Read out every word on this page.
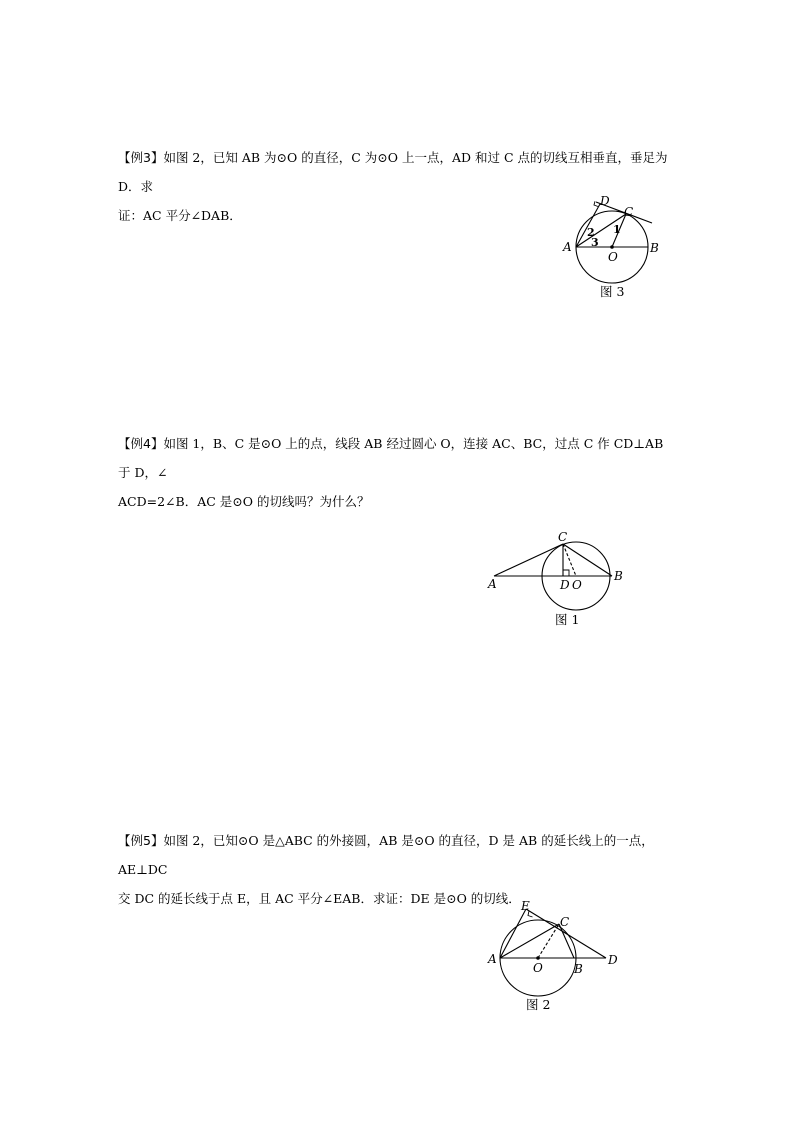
【例3】如图 2，已知 AB 为⊙O 的直径，C 为⊙O 上一点，AD 和过 C 点的切线互相垂直，垂足为 D．求

证：AC 平分∠DAB．

A	B
C
D
O
2 1
3
图 3

【例4】如图 1，B、C 是⊙O 上的点，线段 AB 经过圆心 O，连接 AC、BC，过点 C 作 CD⊥AB 于 D，∠

ACD=2∠B．AC 是⊙O 的切线吗？为什么？

A
B
C
D O
图 1

【例5】如图 2，已知⊙O 是△ABC 的外接圆，AB 是⊙O 的直径，D 是 AB 的延长线上的一点，AE⊥DC

交 DC 的延长线于点 E，且 AC 平分∠EAB．求证：DE 是⊙O 的切线．

A
B
C
D
E
O
图 2
